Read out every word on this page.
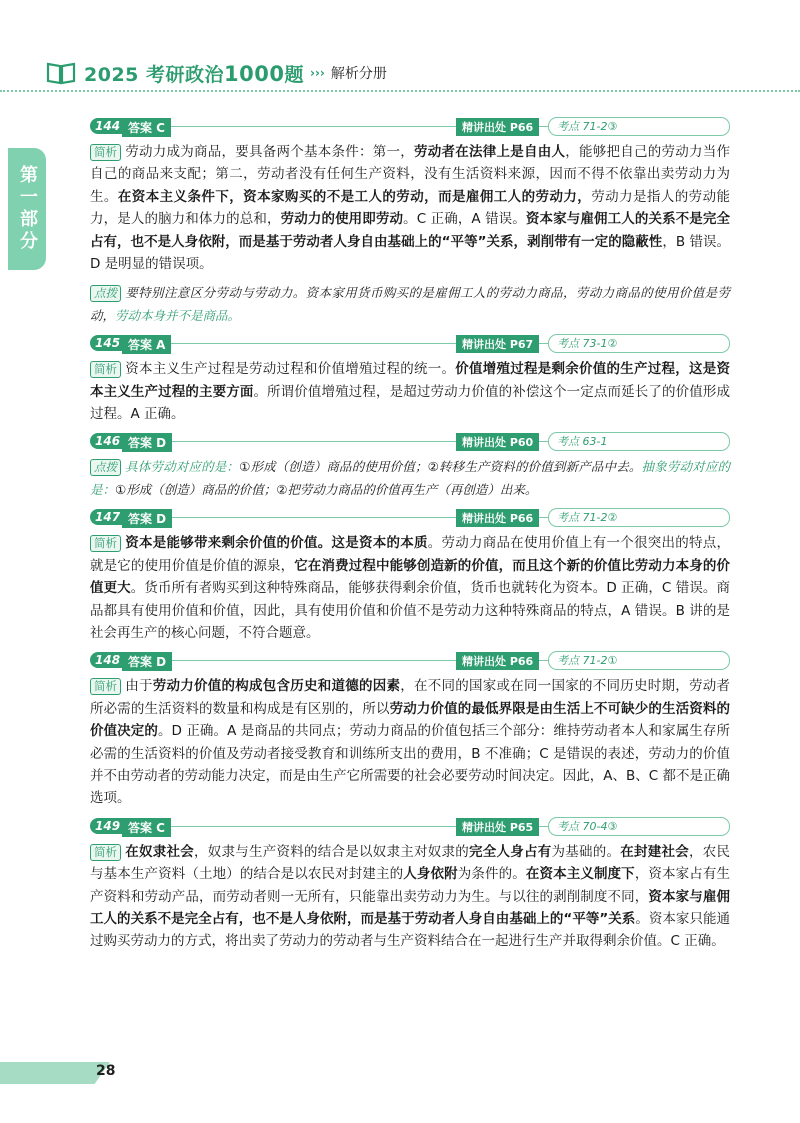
2025 考研政治1000题 ››› 解析分册
第一部分
144 答案 C	精讲出处 P66	考点 71-2③
简析 劳动力成为商品，要具备两个基本条件：第一，劳动者在法律上是自由人，能够把自己的劳动力当作自己的商品来支配；第二，劳动者没有任何生产资料，没有生活资料来源，因而不得不依靠出卖劳动力为生。在资本主义条件下，资本家购买的不是工人的劳动，而是雇佣工人的劳动力，劳动力是指人的劳动能力，是人的脑力和体力的总和，劳动力的使用即劳动。C 正确，A 错误。资本家与雇佣工人的关系不是完全占有，也不是人身依附，而是基于劳动者人身自由基础上的“平等”关系，剥削带有一定的隐蔽性，B 错误。D 是明显的错误项。
点拨 要特别注意区分劳动与劳动力。资本家用货币购买的是雇佣工人的劳动力商品，劳动力商品的使用价值是劳动，劳动本身并不是商品。
145 答案 A	精讲出处 P67	考点 73-1②
简析 资本主义生产过程是劳动过程和价值增殖过程的统一。价值增殖过程是剩余价值的生产过程，这是资本主义生产过程的主要方面。所谓价值增殖过程，是超过劳动力价值的补偿这个一定点而延长了的价值形成过程。A 正确。
146 答案 D	精讲出处 P60	考点 63-1
点拨 具体劳动对应的是：①形成（创造）商品的使用价值；②转移生产资料的价值到新产品中去。抽象劳动对应的是：①形成（创造）商品的价值；②把劳动力商品的价值再生产（再创造）出来。
147 答案 D	精讲出处 P66	考点 71-2②
简析 资本是能够带来剩余价值的价值。这是资本的本质。劳动力商品在使用价值上有一个很突出的特点，就是它的使用价值是价值的源泉，它在消费过程中能够创造新的价值，而且这个新的价值比劳动力本身的价值更大。货币所有者购买到这种特殊商品，能够获得剩余价值，货币也就转化为资本。D 正确，C 错误。商品都具有使用价值和价值，因此，具有使用价值和价值不是劳动力这种特殊商品的特点，A 错误。B 讲的是社会再生产的核心问题，不符合题意。
148 答案 D	精讲出处 P66	考点 71-2①
简析 由于劳动力价值的构成包含历史和道德的因素，在不同的国家或在同一国家的不同历史时期，劳动者所必需的生活资料的数量和构成是有区别的，所以劳动力价值的最低界限是由生活上不可缺少的生活资料的价值决定的。D 正确。A 是商品的共同点；劳动力商品的价值包括三个部分：维持劳动者本人和家属生存所必需的生活资料的价值及劳动者接受教育和训练所支出的费用，B 不准确；C 是错误的表述，劳动力的价值并不由劳动者的劳动能力决定，而是由生产它所需要的社会必要劳动时间决定。因此，A、B、C 都不是正确选项。
149 答案 C	精讲出处 P65	考点 70-4③
简析 在奴隶社会，奴隶与生产资料的结合是以奴隶主对奴隶的完全人身占有为基础的。在封建社会，农民与基本生产资料（土地）的结合是以农民对封建主的人身依附为条件的。在资本主义制度下，资本家占有生产资料和劳动产品，而劳动者则一无所有，只能靠出卖劳动力为生。与以往的剥削制度不同，资本家与雇佣工人的关系不是完全占有，也不是人身依附，而是基于劳动者人身自由基础上的“平等”关系。资本家只能通过购买劳动力的方式，将出卖了劳动力的劳动者与生产资料结合在一起进行生产并取得剩余价值。C 正确。
28
